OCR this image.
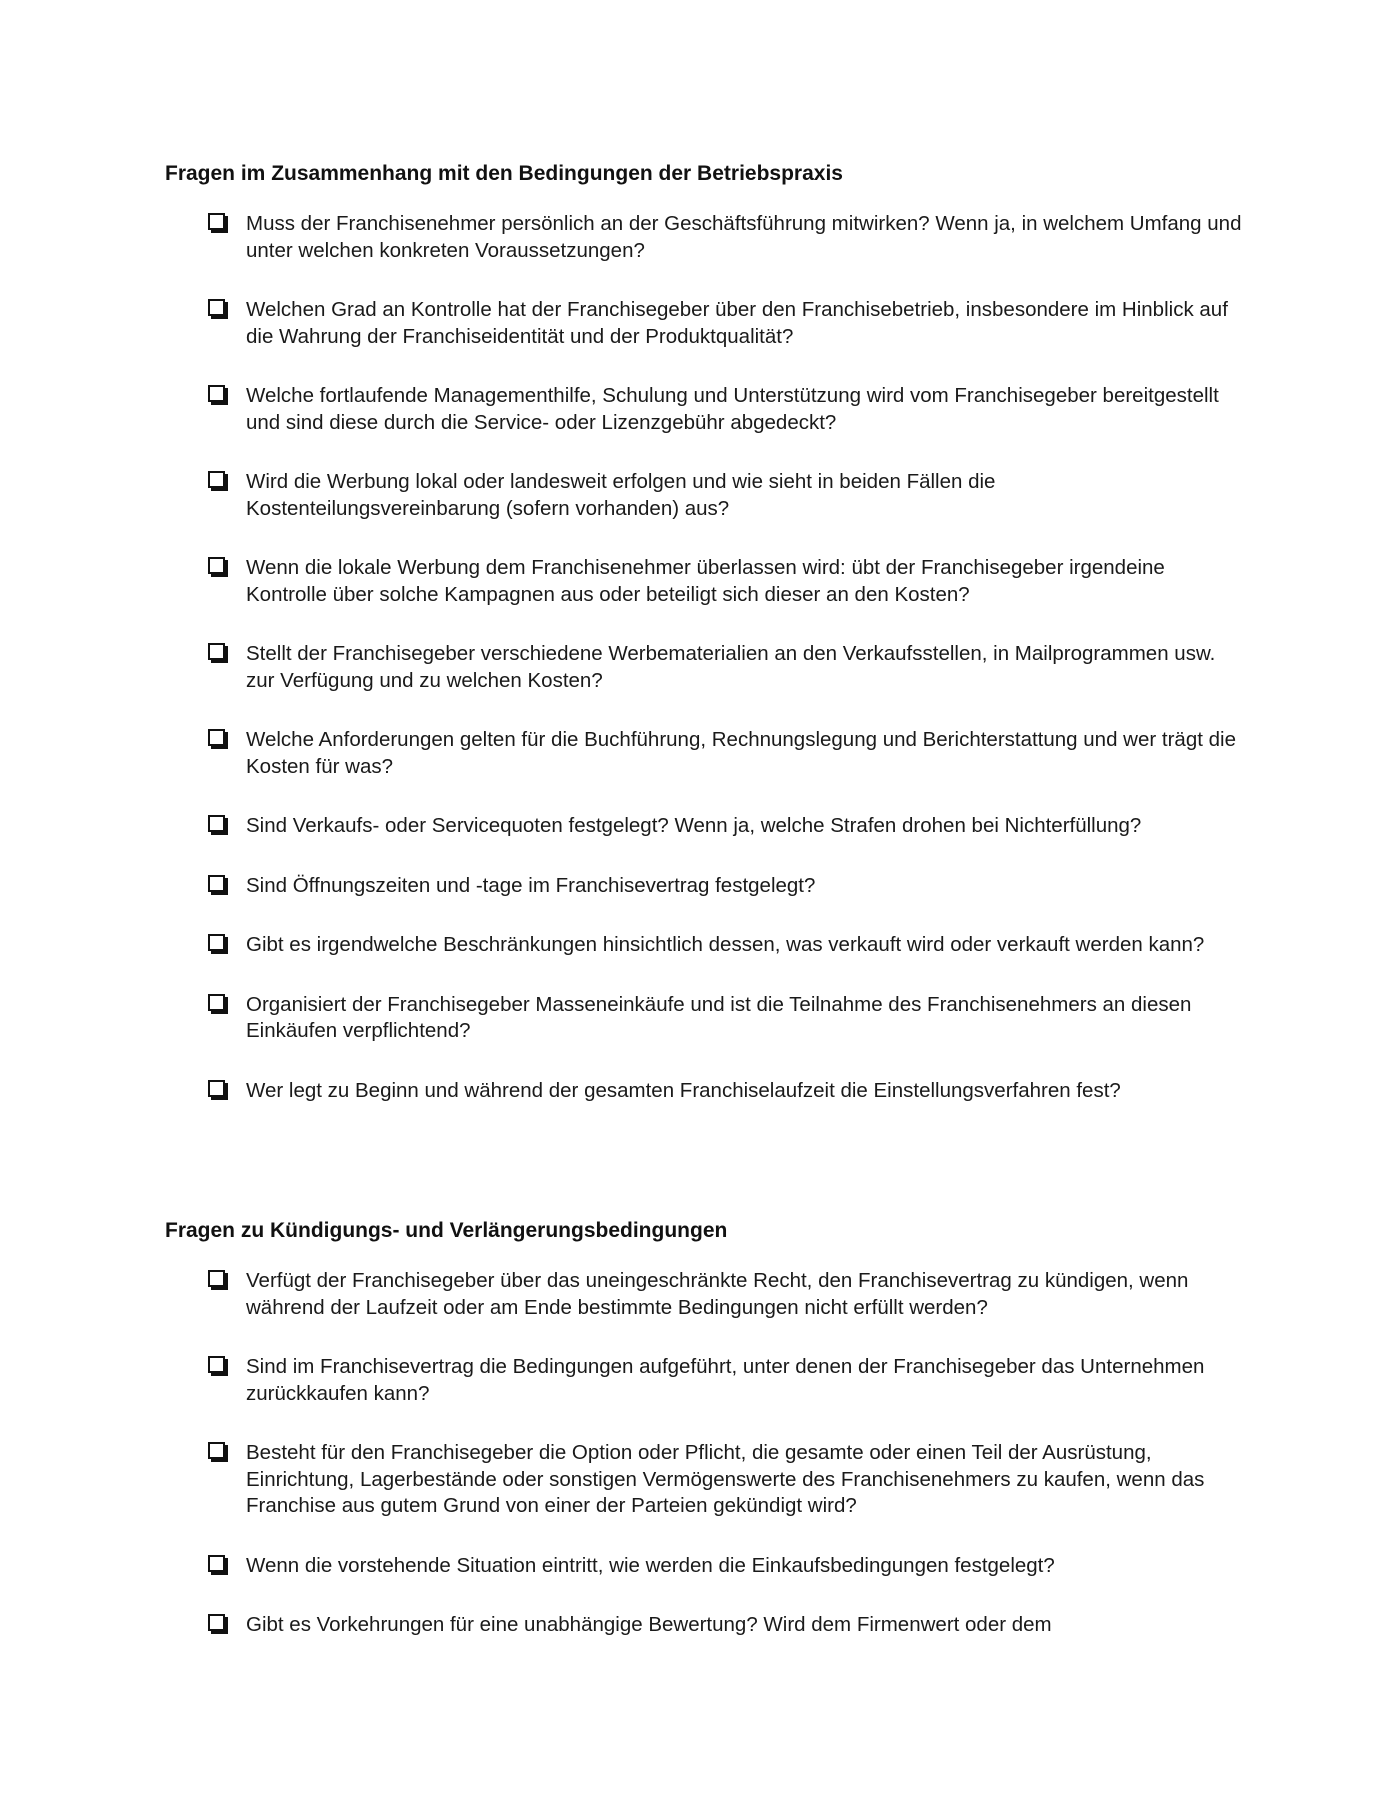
Fragen im Zusammenhang mit den Bedingungen der Betriebspraxis
Muss der Franchisenehmer persönlich an der Geschäftsführung mitwirken? Wenn ja, in welchem Umfang und unter welchen konkreten Voraussetzungen?
Welchen Grad an Kontrolle hat der Franchisegeber über den Franchisebetrieb, insbesondere im Hinblick auf die Wahrung der Franchiseidentität und der Produktqualität?
Welche fortlaufende Managementhilfe, Schulung und Unterstützung wird vom Franchisegeber bereitgestellt und sind diese durch die Service- oder Lizenzgebühr abgedeckt?
Wird die Werbung lokal oder landesweit erfolgen und wie sieht in beiden Fällen die Kostenteilungsvereinbarung (sofern vorhanden) aus?
Wenn die lokale Werbung dem Franchisenehmer überlassen wird: übt der Franchisegeber irgendeine Kontrolle über solche Kampagnen aus oder beteiligt sich dieser an den Kosten?
Stellt der Franchisegeber verschiedene Werbematerialien an den Verkaufsstellen, in Mailprogrammen usw. zur Verfügung und zu welchen Kosten?
Welche Anforderungen gelten für die Buchführung, Rechnungslegung und Berichterstattung und wer trägt die Kosten für was?
Sind Verkaufs- oder Servicequoten festgelegt? Wenn ja, welche Strafen drohen bei Nichterfüllung?
Sind Öffnungszeiten und -tage im Franchisevertrag festgelegt?
Gibt es irgendwelche Beschränkungen hinsichtlich dessen, was verkauft wird oder verkauft werden kann?
Organisiert der Franchisegeber Masseneinkäufe und ist die Teilnahme des Franchisenehmers an diesen Einkäufen verpflichtend?
Wer legt zu Beginn und während der gesamten Franchiselaufzeit die Einstellungsverfahren fest?
Fragen zu Kündigungs- und Verlängerungsbedingungen
Verfügt der Franchisegeber über das uneingeschränkte Recht, den Franchisevertrag zu kündigen, wenn während der Laufzeit oder am Ende bestimmte Bedingungen nicht erfüllt werden?
Sind im Franchisevertrag die Bedingungen aufgeführt, unter denen der Franchisegeber das Unternehmen zurückkaufen kann?
Besteht für den Franchisegeber die Option oder Pflicht, die gesamte oder einen Teil der Ausrüstung, Einrichtung, Lagerbestände oder sonstigen Vermögenswerte des Franchisenehmers zu kaufen, wenn das Franchise aus gutem Grund von einer der Parteien gekündigt wird?
Wenn die vorstehende Situation eintritt, wie werden die Einkaufsbedingungen festgelegt?
Gibt es Vorkehrungen für eine unabhängige Bewertung? Wird dem Firmenwert oder dem
